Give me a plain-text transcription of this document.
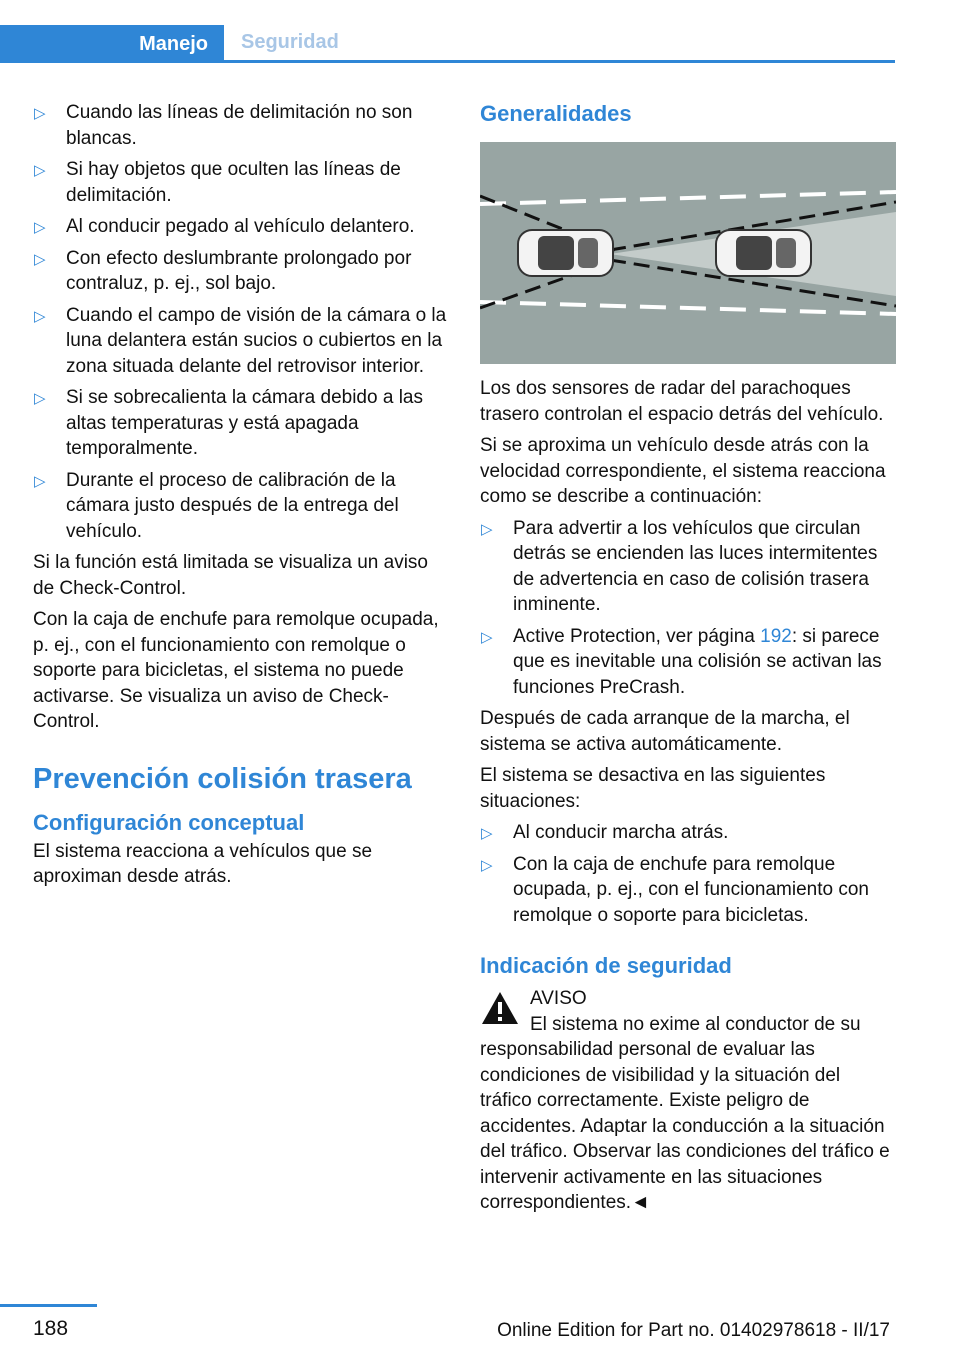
Manejo	Seguridad
▷ Cuando las líneas de delimitación no son blancas.
▷ Si hay objetos que oculten las líneas de delimitación.
▷ Al conducir pegado al vehículo delantero.
▷ Con efecto deslumbrante prolongado por contraluz, p. ej., sol bajo.
▷ Cuando el campo de visión de la cámara o la luna delantera están sucios o cubiertos en la zona situada delante del retrovisor interior.
▷ Si se sobrecalienta la cámara debido a las altas temperaturas y está apagada temporalmente.
▷ Durante el proceso de calibración de la cámara justo después de la entrega del vehículo.

Si la función está limitada se visualiza un aviso de Check-Control.

Con la caja de enchufe para remolque ocupada, p. ej., con el funcionamiento con remolque o soporte para bicicletas, el sistema no puede activarse. Se visualiza un aviso de Check-Control.

Prevención colisión trasera
Configuración conceptual

El sistema reacciona a vehículos que se aproximan desde atrás.

Generalidades

Los dos sensores de radar del parachoques trasero controlan el espacio detrás del vehículo.

Si se aproxima un vehículo desde atrás con la velocidad correspondiente, el sistema reacciona como se describe a continuación:

▷ Para advertir a los vehículos que circulan detrás se encienden las luces intermitentes de advertencia en caso de colisión trasera inminente.
▷ Active Protection, ver página 192: si parece que es inevitable una colisión se activan las funciones PreCrash.

Después de cada arranque de la marcha, el sistema se activa automáticamente.

El sistema se desactiva en las siguientes situaciones:

▷ Al conducir marcha atrás.
▷ Con la caja de enchufe para remolque ocupada, p. ej., con el funcionamiento con remolque o soporte para bicicletas.
Indicación de seguridad

AVISO

El sistema no exime al conductor de su responsabilidad personal de evaluar las condiciones de visibilidad y la situación del tráfico correctamente. Existe peligro de accidentes. Adaptar la conducción a la situación del tráfico. Observar las condiciones del tráfico e intervenir activamente en las situaciones correspondientes.◄

188	Online Edition for Part no. 01402978618 - II/17
